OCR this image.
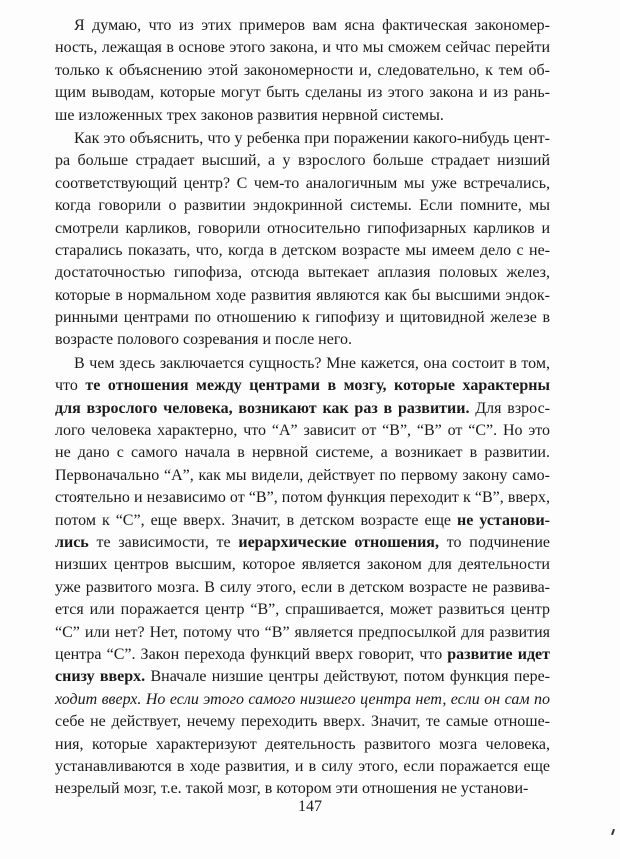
Я думаю, что из этих примеров вам ясна фактическая закономер-
ность, лежащая в основе этого закона, и что мы сможем сейчас перейти
только к объяснению этой закономерности и, следовательно, к тем об-
щим выводам, которые могут быть сделаны из этого закона и из рань-
ше изложенных трех законов развития нервной системы.
Как это объяснить, что у ребенка при поражении какого-нибудь цент-
ра больше страдает высший, а у взрослого больше страдает низший
соответствующий центр? С чем-то аналогичным мы уже встречались,
когда говорили о развитии эндокринной системы. Если помните, мы
смотрели карликов, говорили относительно гипофизарных карликов и
старались показать, что, когда в детском возрасте мы имеем дело с не-
достаточностью гипофиза, отсюда вытекает аплазия половых желез,
которые в нормальном ходе развития являются как бы высшими эндок-
ринными центрами по отношению к гипофизу и щитовидной железе в
возрасте полового созревания и после него.
В чем здесь заключается сущность? Мне кажется, она состоит в том,
что те отношения между центрами в мозгу, которые характерны
для взрослого человека, возникают как раз в развитии. Для взрос-
лого человека характерно, что “A” зависит от “B”, “B” от “C”. Но это
не дано с самого начала в нервной системе, а возникает в развитии.
Первоначально “A”, как мы видели, действует по первому закону само-
стоятельно и независимо от “B”, потом функция переходит к “B”, вверх,
потом к “C”, еще вверх. Значит, в детском возрасте еще не установи-
лись те зависимости, те иерархические отношения, то подчинение
низших центров высшим, которое является законом для деятельности
уже развитого мозга. В силу этого, если в детском возрасте не развива-
ется или поражается центр “B”, спрашивается, может развиться центр
“C” или нет? Нет, потому что “B” является предпосылкой для развития
центра “C”. Закон перехода функций вверх говорит, что развитие идет
снизу вверх. Вначале низшие центры действуют, потом функция пере-
ходит вверх. Но если этого самого низшего центра нет, если он сам по
себе не действует, нечему переходить вверх. Значит, те самые отноше-
ния, которые характеризуют деятельность развитого мозга человека,
устанавливаются в ходе развития, и в силу этого, если поражается еще
незрелый мозг, т.е. такой мозг, в котором эти отношения не установи-
147
